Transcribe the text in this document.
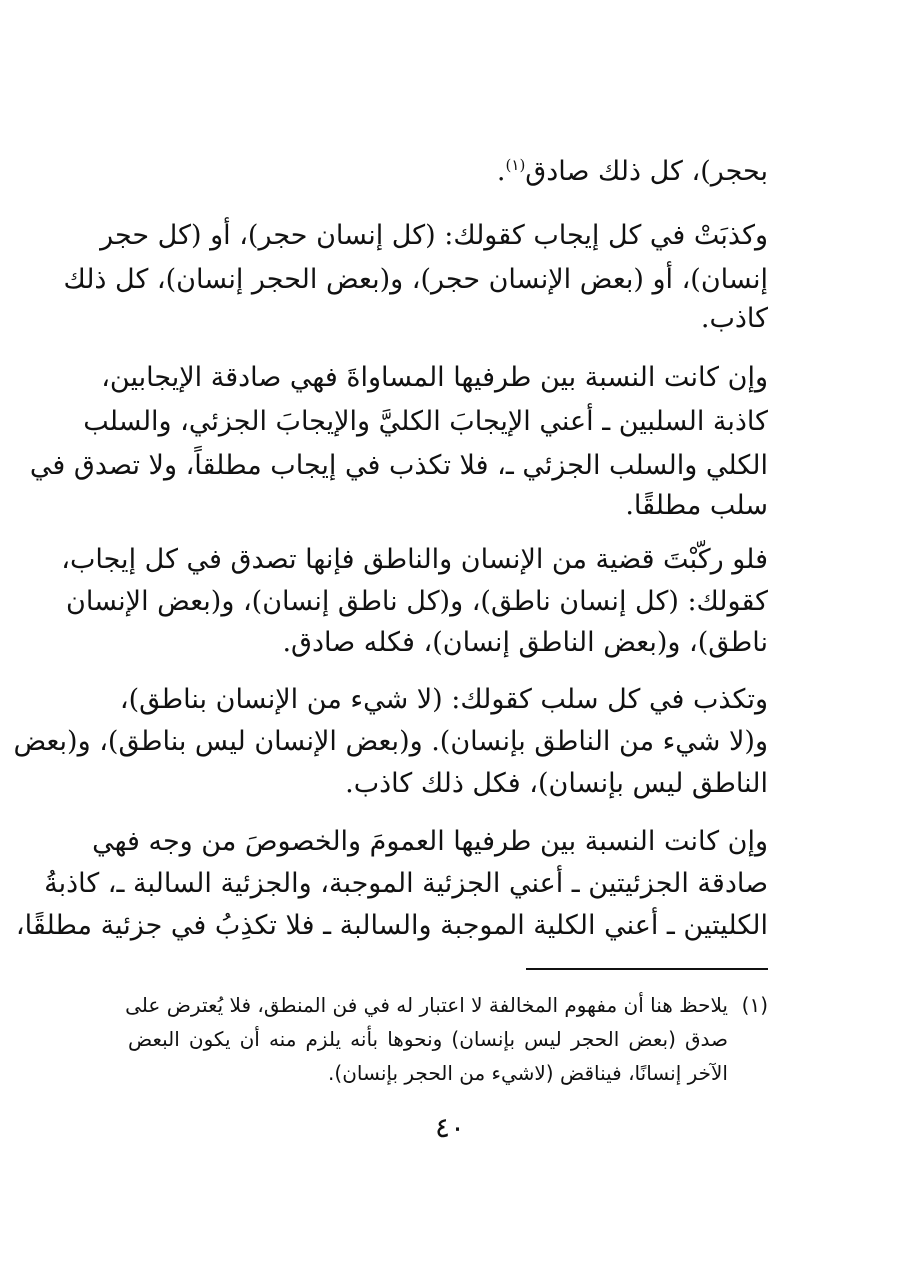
بحجر)، كل ذلك صادق$^{(١)}$.
وكذبَتْ في كل إيجاب كقولك: (كل إنسان حجر)، أو (كل حجر
إنسان)، أو (بعض الإنسان حجر)، و(بعض الحجر إنسان)، كل ذلك
كاذب.
وإن كانت النسبة بين طرفيها المساواةَ فهي صادقة الإيجابين،
كاذبة السلبين ـ أعني الإيجابَ الكليَّ والإيجابَ الجزئي، والسلب
الكلي والسلب الجزئي ـ، فلا تكذب في إيجاب مطلقاً، ولا تصدق في
سلب مطلقًا.
فلو ركّبْتَ قضية من الإنسان والناطق فإنها تصدق في كل إيجاب،
كقولك: (كل إنسان ناطق)، و(كل ناطق إنسان)، و(بعض الإنسان
ناطق)، و(بعض الناطق إنسان)، فكله صادق.
وتكذب في كل سلب كقولك: (لا شيء من الإنسان بناطق)،
و(لا شيء من الناطق بإنسان). و(بعض الإنسان ليس بناطق)، و(بعض
الناطق ليس بإنسان)، فكل ذلك كاذب.
وإن كانت النسبة بين طرفيها العمومَ والخصوصَ من وجه فهي
صادقة الجزئيتين ـ أعني الجزئية الموجبة، والجزئية السالبة ـ، كاذبةُ
الكليتين ـ أعني الكلية الموجبة والسالبة ـ فلا تكذِبُ في جزئية مطلقًا،
(١)
يلاحظ هنا أن مفهوم المخالفة لا اعتبار له في فن المنطق، فلا يُعترض على
صدق (بعض الحجر ليس بإنسان) ونحوها بأنه يلزم منه أن يكون البعض
الآخر إنسانًا، فيناقض (لاشيء من الحجر بإنسان).
٤٠
